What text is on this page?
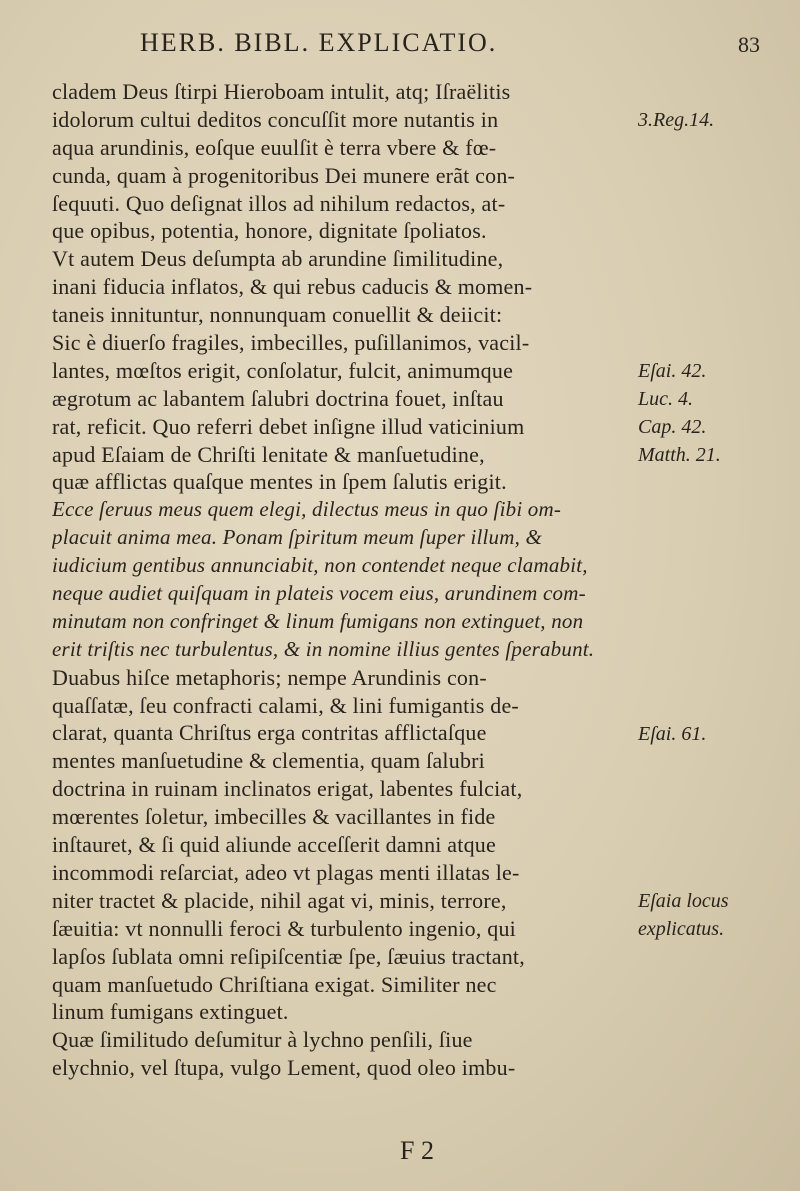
HERB. BIBL. EXPLICATIO.	83
cladem Deus ſtirpi Hieroboam intulit, atq; Iſraëlitis
idolorum cultui deditos concuſſit more nutantis in
aqua arundinis, eoſque euulſit è terra vbere & fœ-
cunda, quam à progenitoribus Dei munere erãt con-
ſequuti. Quo deſignat illos ad nihilum redactos, at-
que opibus, potentia, honore, dignitate ſpoliatos.
Vt autem Deus deſumpta ab arundine ſimilitudine,
inani fiducia inflatos, & qui rebus caducis & momen-
taneis innituntur, nonnunquam conuellit & deiicit:
Sic è diuerſo fragiles, imbecilles, puſillanimos, vacil-
lantes, mœſtos erigit, conſolatur, fulcit, animumque
ægrotum ac labantem ſalubri doctrina fouet, inſtau
rat, reficit. Quo referri debet inſigne illud vaticinium
apud Eſaiam de Chriſti lenitate & manſuetudine,
quæ afflictas quaſque mentes in ſpem ſalutis erigit.
Ecce ſeruus meus quem elegi, dilectus meus in quo ſibi om-
placuit anima mea. Ponam ſpiritum meum ſuper illum, &
iudicium gentibus annunciabit, non contendet neque clamabit,
neque audiet quiſquam in plateis vocem eius, arundinem com-
minutam non confringet & linum fumigans non extinguet, non
erit triſtis nec turbulentus, & in nomine illius gentes ſperabunt.
Duabus hiſce metaphoris; nempe Arundinis con-
quaſſatæ, ſeu confracti calami, & lini fumigantis de-
clarat, quanta Chriſtus erga contritas afflictaſque
mentes manſuetudine & clementia, quam ſalubri
doctrina in ruinam inclinatos erigat, labentes fulciat,
mœrentes ſoletur, imbecilles & vacillantes in fide
inſtauret, & ſi quid aliunde acceſſerit damni atque
incommodi reſarciat, adeo vt plagas menti illatas le-
niter tractet & placide, nihil agat vi, minis, terrore,
ſæuitia: vt nonnulli feroci & turbulento ingenio, qui
lapſos ſublata omni reſipiſcentiæ ſpe, ſæuius tractant,
quam manſuetudo Chriſtiana exigat. Similiter nec
linum fumigans extinguet.
Quæ ſimilitudo deſumitur à lychno penſili, ſiue
elychnio, vel ſtupa, vulgo Lement, quod oleo imbu-
3.Reg.14.
Eſai. 42.
Luc. 4.
Cap. 42.
Matth. 21.
Eſai. 61.
Eſaia locus
explicatus.
F 2
